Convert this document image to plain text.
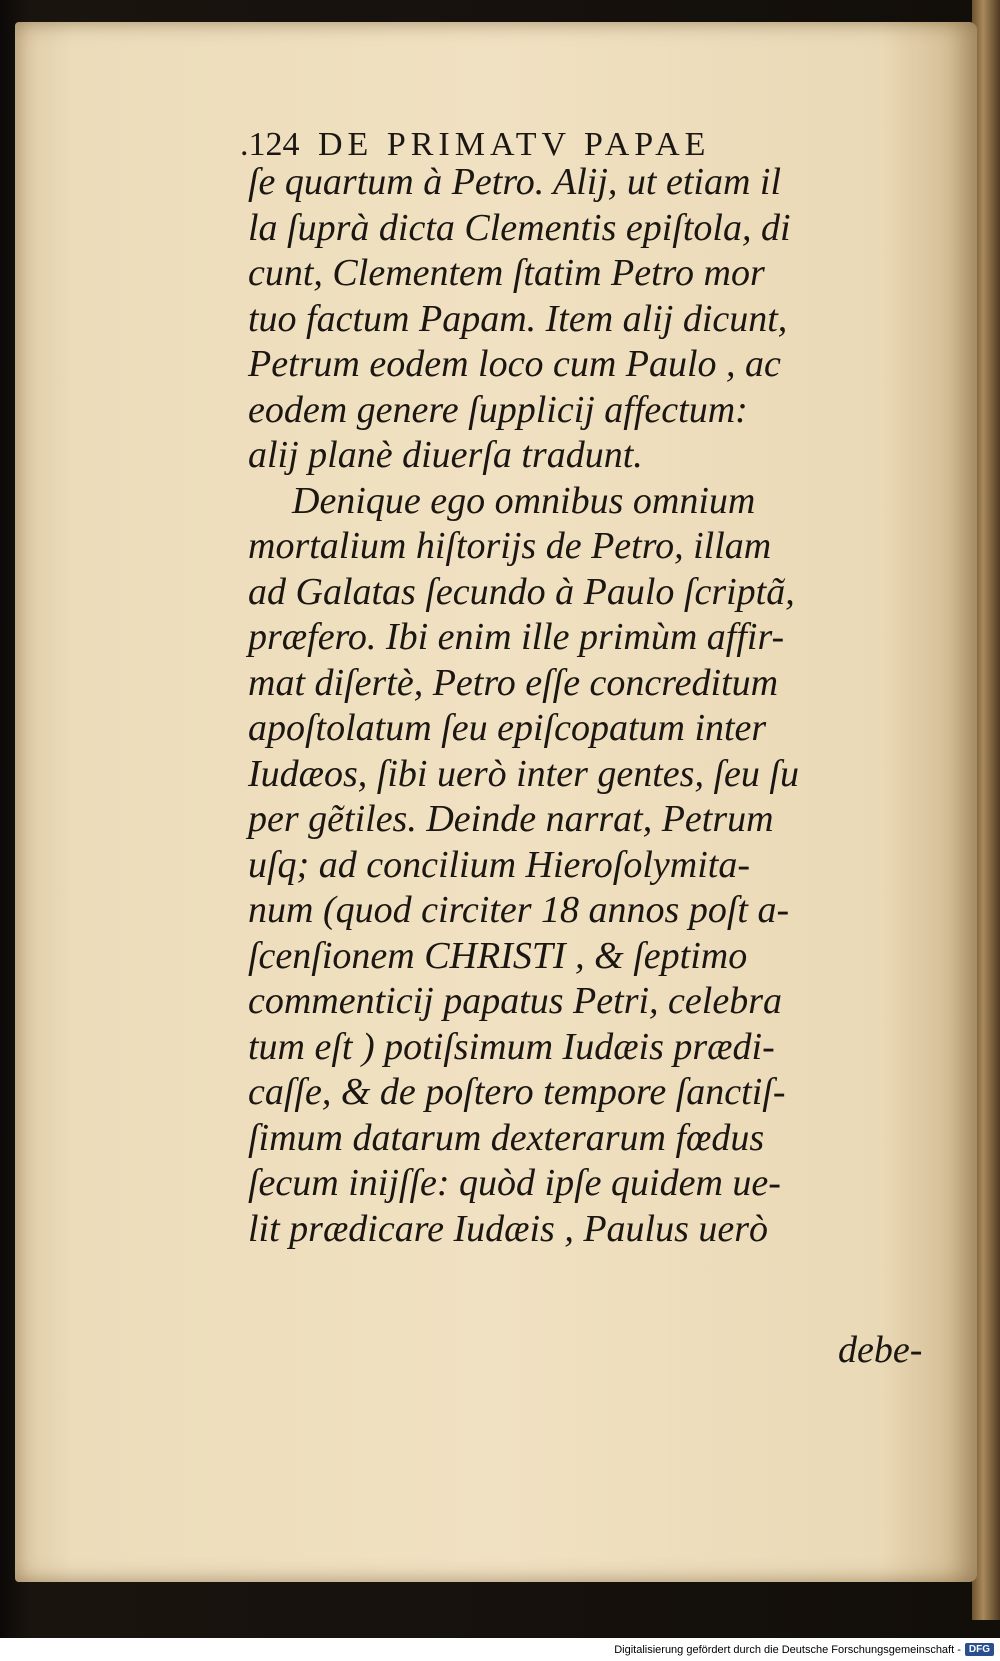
.124 DE PRIMATV PAPAE
ſe quartum à Petro. Alij, ut etiam il
la ſuprà dicta Clementis epiſtola, di
cunt, Clementem ſtatim Petro mor
tuo factum Papam. Item alij dicunt,
Petrum eodem loco cum Paulo , ac
eodem genere ſupplicij affectum:
alij planè diuerſa tradunt.
Denique ego omnibus omnium
mortalium hiſtorijs de Petro, illam
ad Galatas ſecundo à Paulo ſcriptã,
præfero. Ibi enim ille primùm affir-
mat diſertè, Petro eſſe concreditum
apoſtolatum ſeu epiſcopatum inter
Iudæos, ſibi uerò inter gentes, ſeu ſu
per gẽtiles. Deinde narrat, Petrum
uſq; ad concilium Hieroſolymita-
num (quod circiter 18 annos poſt a-
ſcenſionem CHRISTI , & ſeptimo
commenticij papatus Petri, celebra
tum eſt ) potiſsimum Iudæis prædi-
caſſe, & de poſtero tempore ſanctiſ-
ſimum datarum dexterarum fœdus
ſecum inijſſe: quòd ipſe quidem ue-
lit prædicare Iudæis , Paulus uerò
debe-
Digitalisierung gefördert durch die Deutsche Forschungsgemeinschaft - DFG
